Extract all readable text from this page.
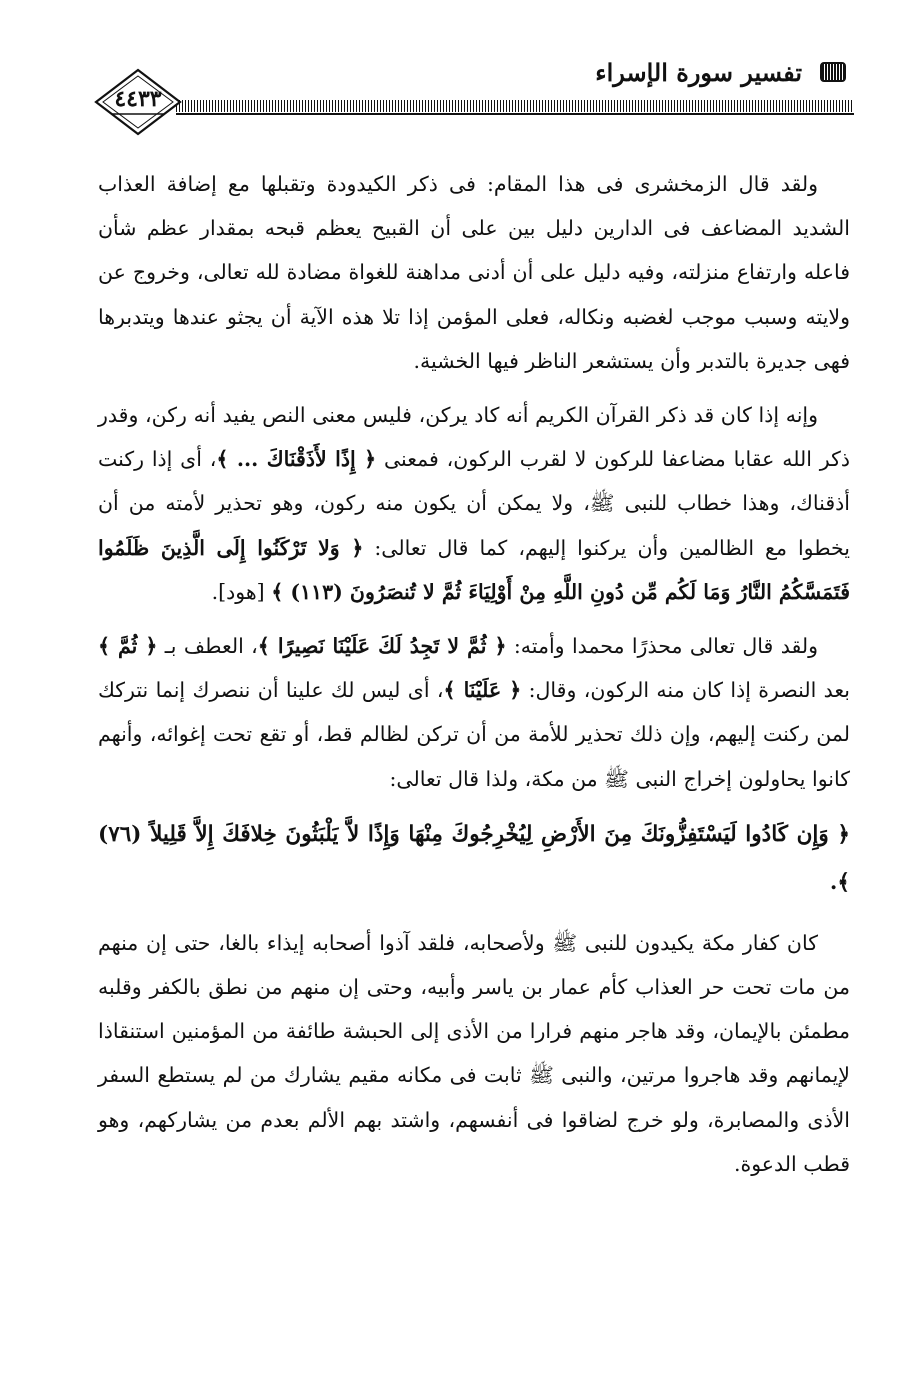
تفسير سورة الإسراء
٤٤٣٣

ولقد قال الزمخشرى فى هذا المقام: فى ذكر الكيدودة وتقبلها مع إضافة العذاب الشديد المضاعف فى الدارين دليل بين على أن القبيح يعظم قبحه بمقدار عظم شأن فاعله وارتفاع منزلته، وفيه دليل على أن أدنى مداهنة للغواة مضادة لله تعالى، وخروج عن ولايته وسبب موجب لغضبه ونكاله، فعلى المؤمن إذا تلا هذه الآية أن يجثو عندها ويتدبرها فهى جديرة بالتدبر وأن يستشعر الناظر فيها الخشية.

وإنه إذا كان قد ذكر القرآن الكريم أنه كاد يركن، فليس معنى النص يفيد أنه ركن، وقدر ذكر الله عقابا مضاعفا للركون لا لقرب الركون، فمعنى ﴿ إِذًا لأَذَقْنَاكَ ... ﴾، أى إذا ركنت أذقناك، وهذا خطاب للنبى ﷺ، ولا يمكن أن يكون منه ركون، وهو تحذير لأمته من أن يخطوا مع الظالمين وأن يركنوا إليهم، كما قال تعالى: ﴿ وَلا تَرْكَنُوا إِلَى الَّذِينَ ظَلَمُوا فَتَمَسَّكُمُ النَّارُ وَمَا لَكُم مِّن دُونِ اللَّهِ مِنْ أَوْلِيَاءَ ثُمَّ لا تُنصَرُونَ (١١٣) ﴾ [هود].

ولقد قال تعالى محذرًا محمدا وأمته: ﴿ ثُمَّ لا تَجِدُ لَكَ عَلَيْنَا نَصِيرًا ﴾، العطف بـ ﴿ ثُمَّ ﴾ بعد النصرة إذا كان منه الركون، وقال: ﴿ عَلَيْنَا ﴾، أى ليس لك علينا أن ننصرك إنما نتركك لمن ركنت إليهم، وإن ذلك تحذير للأمة من أن تركن لظالم قط، أو تقع تحت إغوائه، وأنهم كانوا يحاولون إخراج النبى ﷺ من مكة، ولذا قال تعالى:

﴿ وَإِن كَادُوا لَيَسْتَفِزُّونَكَ مِنَ الأَرْضِ لِيُخْرِجُوكَ مِنْهَا وَإِذًا لاَّ يَلْبَثُونَ خِلافَكَ إِلاَّ قَلِيلاً (٧٦) ﴾.

كان كفار مكة يكيدون للنبى ﷺ ولأصحابه، فلقد آذوا أصحابه إيذاء بالغا، حتى إن منهم من مات تحت حر العذاب كأم عمار بن ياسر وأبيه، وحتى إن منهم من نطق بالكفر وقلبه مطمئن بالإيمان، وقد هاجر منهم فرارا من الأذى إلى الحبشة طائفة من المؤمنين استنقاذا لإيمانهم وقد هاجروا مرتين، والنبى ﷺ ثابت فى مكانه مقيم يشارك من لم يستطع السفر الأذى والمصابرة، ولو خرج لضاقوا فى أنفسهم، واشتد بهم الألم بعدم من يشاركهم، وهو قطب الدعوة.
